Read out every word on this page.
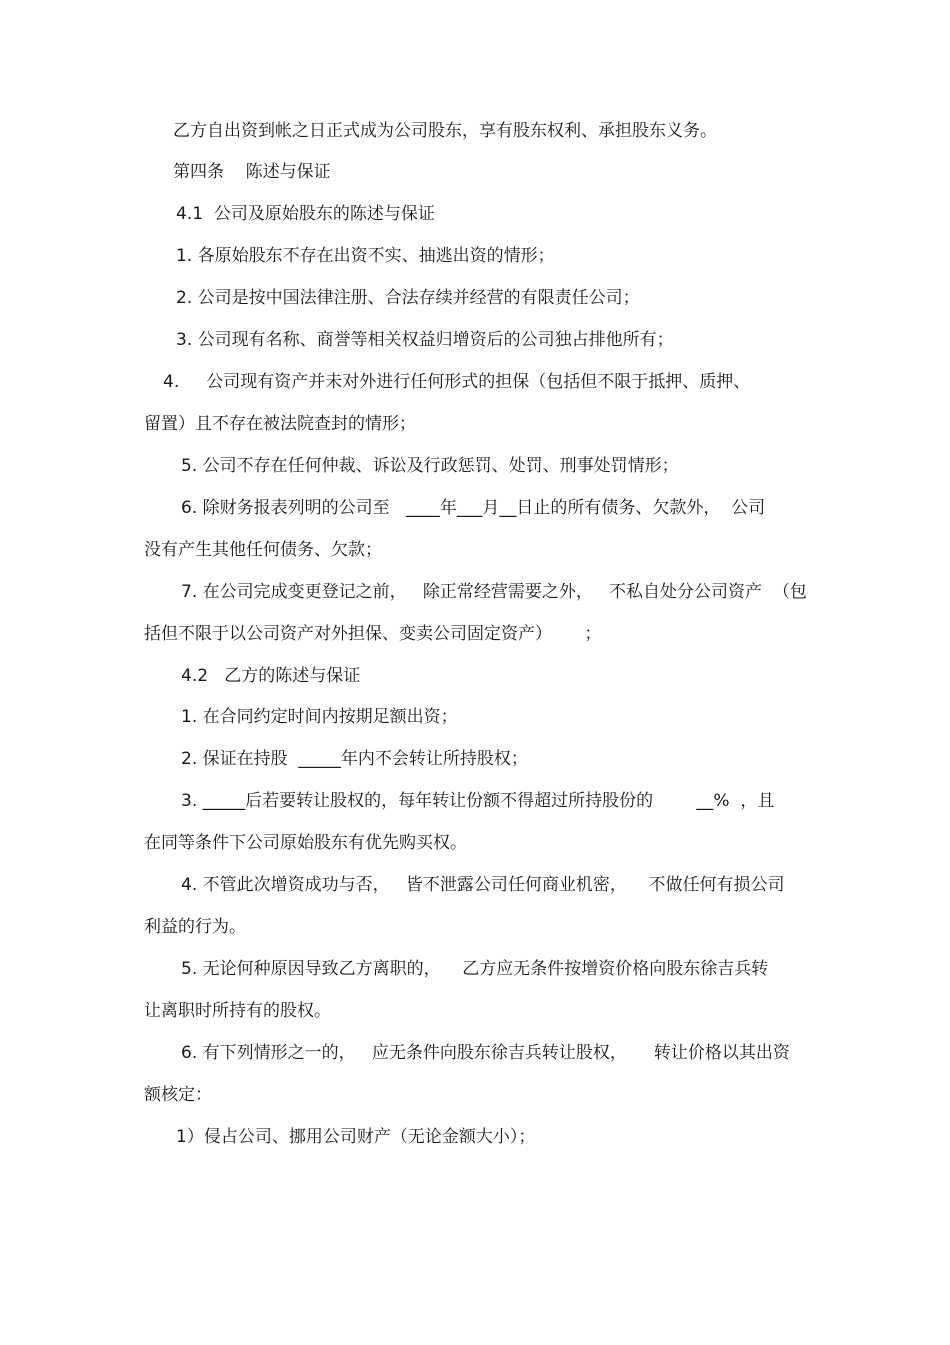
乙方自出资到帐之日正式成为公司股东，享有股东权利、承担股东义务。
第四条    陈述与保证
4.1  公司及原始股东的陈述与保证
1. 各原始股东不存在出资不实、抽逃出资的情形；
2. 公司是按中国法律注册、合法存续并经营的有限责任公司；
3. 公司现有名称、商誉等相关权益归增资后的公司独占排他所有；
4.     公司现有资产并未对外进行任何形式的担保（包括但不限于抵押、质押、
留置）且不存在被法院查封的情形；
5. 公司不存在任何仲裁、诉讼及行政惩罚、处罚、刑事处罚情形；
6. 除财务报表列明的公司至   ____年___月__日止的所有债务、欠款外，  公司
没有产生其他任何债务、欠款；
7. 在公司完成变更登记之前，   除正常经营需要之外，   不私自处分公司资产  （包
括但不限于以公司资产对外担保、变卖公司固定资产）      ；
4.2   乙方的陈述与保证
1. 在合同约定时间内按期足额出资；
2. 保证在持股  _____年内不会转让所持股权；
3. _____后若要转让股权的，每年转让份额不得超过所持股份的        __%  ，且
在同等条件下公司原始股东有优先购买权。
4. 不管此次增资成功与否，   皆不泄露公司任何商业机密，    不做任何有损公司
利益的行为。
5. 无论何种原因导致乙方离职的，    乙方应无条件按增资价格向股东徐吉兵转
让离职时所持有的股权。
6. 有下列情形之一的，   应无条件向股东徐吉兵转让股权，     转让价格以其出资
额核定：
1）侵占公司、挪用公司财产（无论金额大小）；
